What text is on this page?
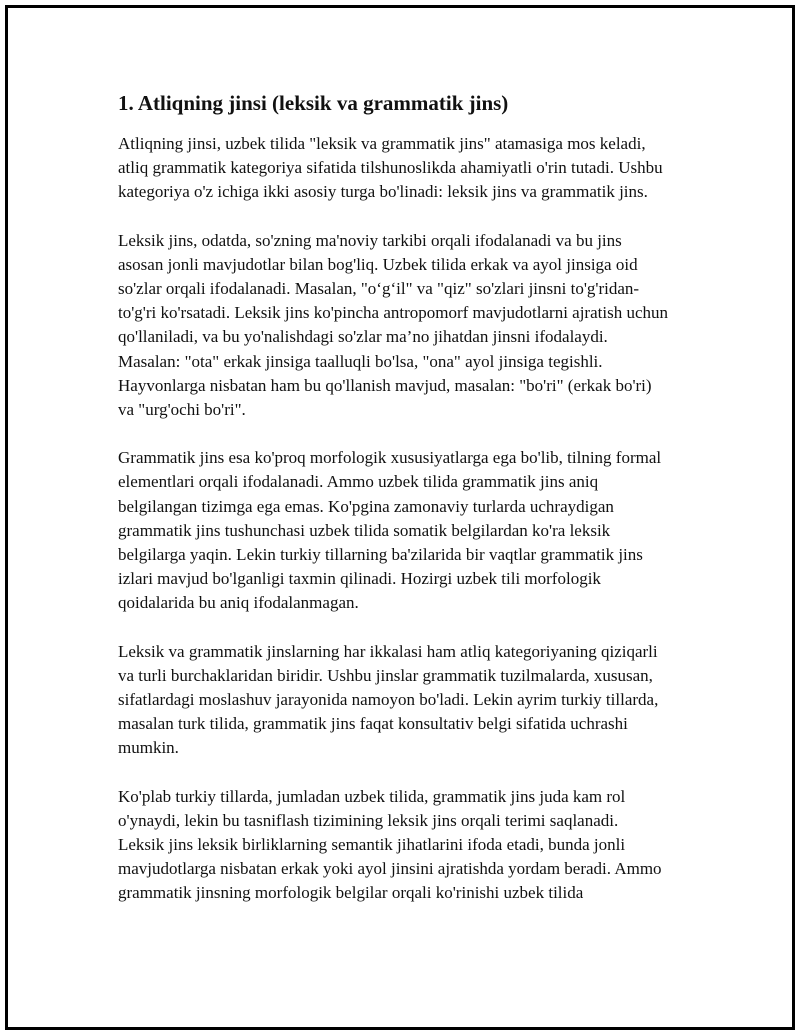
1. Atliqning jinsi (leksik va grammatik jins)

Atliqning jinsi, uzbek tilida "leksik va grammatik jins" atamasiga mos keladi, atliq grammatik kategoriya sifatida tilshunoslikda ahamiyatli o'rin tutadi. Ushbu kategoriya o'z ichiga ikki asosiy turga bo'linadi: leksik jins va grammatik jins.

Leksik jins, odatda, so'zning ma'noviy tarkibi orqali ifodalanadi va bu jins asosan jonli mavjudotlar bilan bog'liq. Uzbek tilida erkak va ayol jinsiga oid so'zlar orqali ifodalanadi. Masalan, "o‘g‘il" va "qiz" so'zlari jinsni to'g'ridan-to'g'ri ko'rsatadi. Leksik jins ko'pincha antropomorf mavjudotlarni ajratish uchun qo'llaniladi, va bu yo'nalishdagi so'zlar ma’no jihatdan jinsni ifodalaydi. Masalan: "ota" erkak jinsiga taalluqli bo'lsa, "ona" ayol jinsiga tegishli. Hayvonlarga nisbatan ham bu qo'llanish mavjud, masalan: "bo'ri" (erkak bo'ri) va "urg'ochi bo'ri".

Grammatik jins esa ko'proq morfologik xususiyatlarga ega bo'lib, tilning formal elementlari orqali ifodalanadi. Ammo uzbek tilida grammatik jins aniq belgilangan tizimga ega emas. Ko'pgina zamonaviy turlarda uchraydigan grammatik jins tushunchasi uzbek tilida somatik belgilardan ko'ra leksik belgilarga yaqin. Lekin turkiy tillarning ba'zilarida bir vaqtlar grammatik jins izlari mavjud bo'lganligi taxmin qilinadi. Hozirgi uzbek tili morfologik qoidalarida bu aniq ifodalanmagan.

Leksik va grammatik jinslarning har ikkalasi ham atliq kategoriyaning qiziqarli va turli burchaklaridan biridir. Ushbu jinslar grammatik tuzilmalarda, xususan, sifatlardagi moslashuv jarayonida namoyon bo'ladi. Lekin ayrim turkiy tillarda, masalan turk tilida, grammatik jins faqat konsultativ belgi sifatida uchrashi mumkin.

Ko'plab turkiy tillarda, jumladan uzbek tilida, grammatik jins juda kam rol o'ynaydi, lekin bu tasniflash tizimining leksik jins orqali terimi saqlanadi. Leksik jins leksik birliklarning semantik jihatlarini ifoda etadi, bunda jonli mavjudotlarga nisbatan erkak yoki ayol jinsini ajratishda yordam beradi. Ammo grammatik jinsning morfologik belgilar orqali ko'rinishi uzbek tilida
